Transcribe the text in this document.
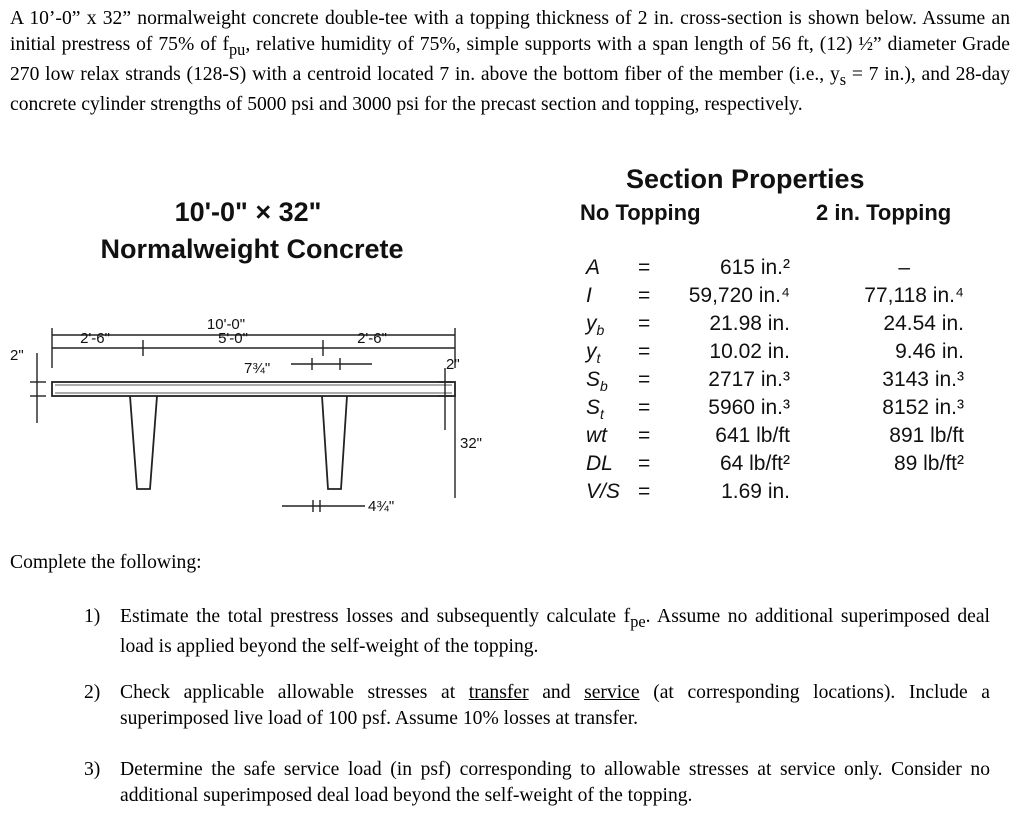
A 10’-0” x 32” normalweight concrete double-tee with a topping thickness of 2 in. cross-section is shown below. Assume an initial prestress of 75% of $f_{pu}$, relative humidity of 75%, simple supports with a span length of 56 ft, (12) ½” diameter Grade 270 low relax strands (128-S) with a centroid located 7 in. above the bottom fiber of the member (i.e., $y_s = 7$ in.), and 28-day concrete cylinder strengths of 5000 psi and 3000 psi for the precast section and topping, respectively.
10'-0" × 32"
Normalweight Concrete
10'-0"
2'-6"	5'-0"	2'-6"
2"
2"
7¾"
32"
4¾"
Section Properties
No Topping	2 in. Topping
A =	615 in.²	–
I = 59,720 in.⁴	77,118 in.⁴
$y_b$ =	21.98 in.	24.54 in.
$y_t$ =	10.02 in.	9.46 in.
$S_b$ =	2717 in.³	3143 in.³
$S_t$ =	5960 in.³	8152 in.³
wt =	641 lb/ft	891 lb/ft
DL =	64 lb/ft²	89 lb/ft²
V/S =	1.69 in.
Complete the following:
1) Estimate the total prestress losses and subsequently calculate $f_{pe}$. Assume no additional superimposed deal load is applied beyond the self-weight of the topping.
2) Check applicable allowable stresses at transfer and service (at corresponding locations). Include a superimposed live load of 100 psf. Assume 10% losses at transfer.
3) Determine the safe service load (in psf) corresponding to allowable stresses at service only. Consider no additional superimposed deal load beyond the self-weight of the topping.
